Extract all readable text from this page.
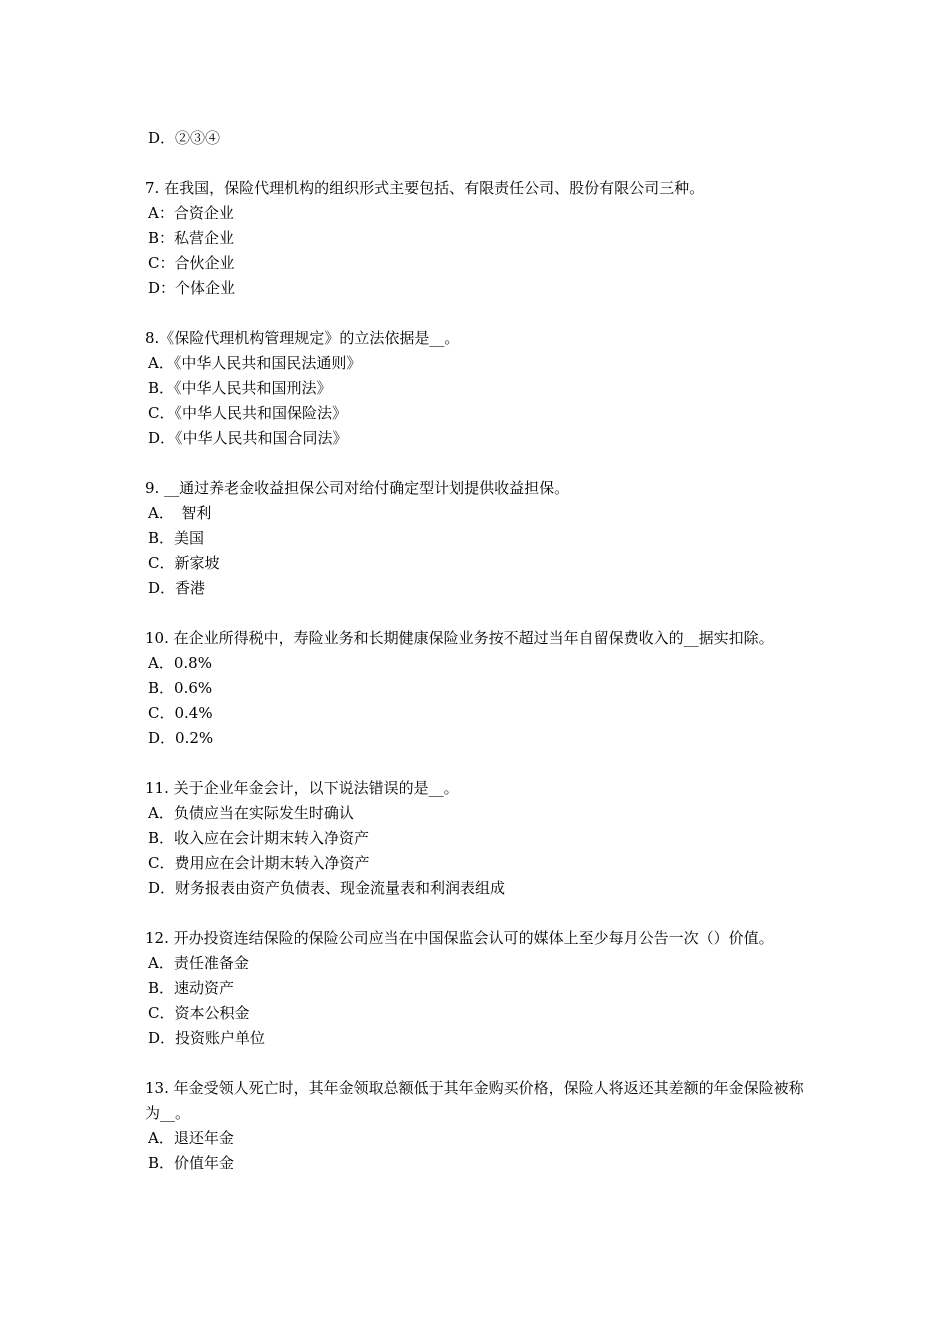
D．②③④
7. 在我国，保险代理机构的组织形式主要包括、有限责任公司、股份有限公司三种。
A：合资企业
B：私营企业
C：合伙企业
D：个体企业
8.《保险代理机构管理规定》的立法依据是__。
A．《中华人民共和国民法通则》
B．《中华人民共和国刑法》
C．《中华人民共和国保险法》
D．《中华人民共和国合同法》
9. __通过养老金收益担保公司对给付确定型计划提供收益担保。
A．　智利
B．美国
C．新家坡
D．香港
10. 在企业所得税中，寿险业务和长期健康保险业务按不超过当年自留保费收入的__据实扣除。
A．0.8%
B．0.6%
C．0.4%
D．0.2%
11. 关于企业年金会计，以下说法错误的是__。
A．负债应当在实际发生时确认
B．收入应在会计期末转入净资产
C．费用应在会计期末转入净资产
D．财务报表由资产负债表、现金流量表和利润表组成
12. 开办投资连结保险的保险公司应当在中国保监会认可的媒体上至少每月公告一次（）价值。
A．责任准备金
B．速动资产
C．资本公积金
D．投资账户单位
13. 年金受领人死亡时，其年金领取总额低于其年金购买价格，保险人将返还其差额的年金保险被称为__。
A．退还年金
B．价值年金
